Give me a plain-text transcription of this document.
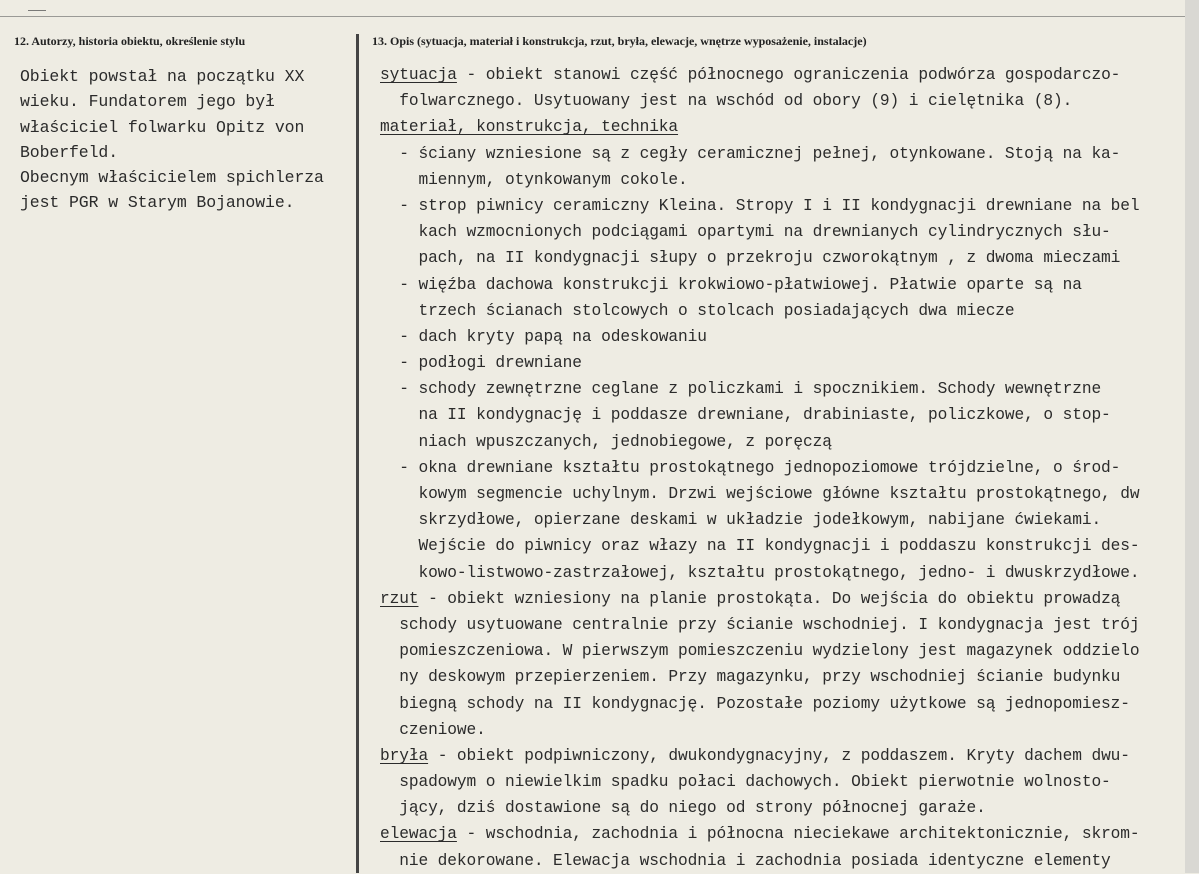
12. Autorzy, historia obiektu, określenie stylu	13. Opis (sytuacja, materiał i konstrukcja, rzut, bryła, elewacje, wnętrze wyposażenie, instalacje)
Obiekt powstał na początku XX
wieku. Fundatorem jego był
właściciel folwarku Opitz von
Boberfeld.
Obecnym właścicielem spichlerza
jest PGR w Starym Bojanowie.
sytuacja - obiekt stanowi część północnego ograniczenia podwórza gospodarczo-
folwarcznego. Usytuowany jest na wschód od obory (9) i cielętnika (8).
materiał, konstrukcja, technika
- ściany wzniesione są z cegły ceramicznej pełnej, otynkowane. Stoją na ka-
miennym, otynkowanym cokole.
- strop piwnicy ceramiczny Kleina. Stropy I i II kondygnacji drewniane na bel
kach wzmocnionych podciągami opartymi na drewnianych cylindrycznych słu-
pach, na II kondygnacji słupy o przekroju czworokątnym , z dwoma mieczami
- więźba dachowa konstrukcji krokwiowo-płatwiowej. Płatwie oparte są na
trzech ścianach stolcowych o stolcach posiadających dwa miecze
- dach kryty papą na odeskowaniu
- podłogi drewniane
- schody zewnętrzne ceglane z policzkami i spocznikiem. Schody wewnętrzne
na II kondygnację i poddasze drewniane, drabiniaste, policzkowe, o stop-
niach wpuszczanych, jednobiegowe, z poręczą
- okna drewniane kształtu prostokątnego jednopoziomowe trójdzielne, o środ-
kowym segmencie uchylnym. Drzwi wejściowe główne kształtu prostokątnego, dw
skrzydłowe, opierzane deskami w układzie jodełkowym, nabijane ćwiekami.
Wejście do piwnicy oraz włazy na II kondygnacji i poddaszu konstrukcji des-
kowo-listwowo-zastrzałowej, kształtu prostokątnego, jedno- i dwuskrzydłowe.
rzut - obiekt wzniesiony na planie prostokąta. Do wejścia do obiektu prowadzą
schody usytuowane centralnie przy ścianie wschodniej. I kondygnacja jest trój
pomieszczeniowa. W pierwszym pomieszczeniu wydzielony jest magazynek oddzielo
ny deskowym przepierzeniem. Przy magazynku, przy wschodniej ścianie budynku
biegną schody na II kondygnację. Pozostałe poziomy użytkowe są jednopomiesz-
czeniowe.
bryła - obiekt podpiwniczony, dwukondygnacyjny, z poddaszem. Kryty dachem dwu-
spadowym o niewielkim spadku połaci dachowych. Obiekt pierwotnie wolnosto-
jący, dziś dostawione są do niego od strony północnej garaże.
elewacja - wschodnia, zachodnia i północna nieciekawe architektonicznie, skrom-
nie dekorowane. Elewacja wschodnia i zachodnia posiada identyczne elementy
